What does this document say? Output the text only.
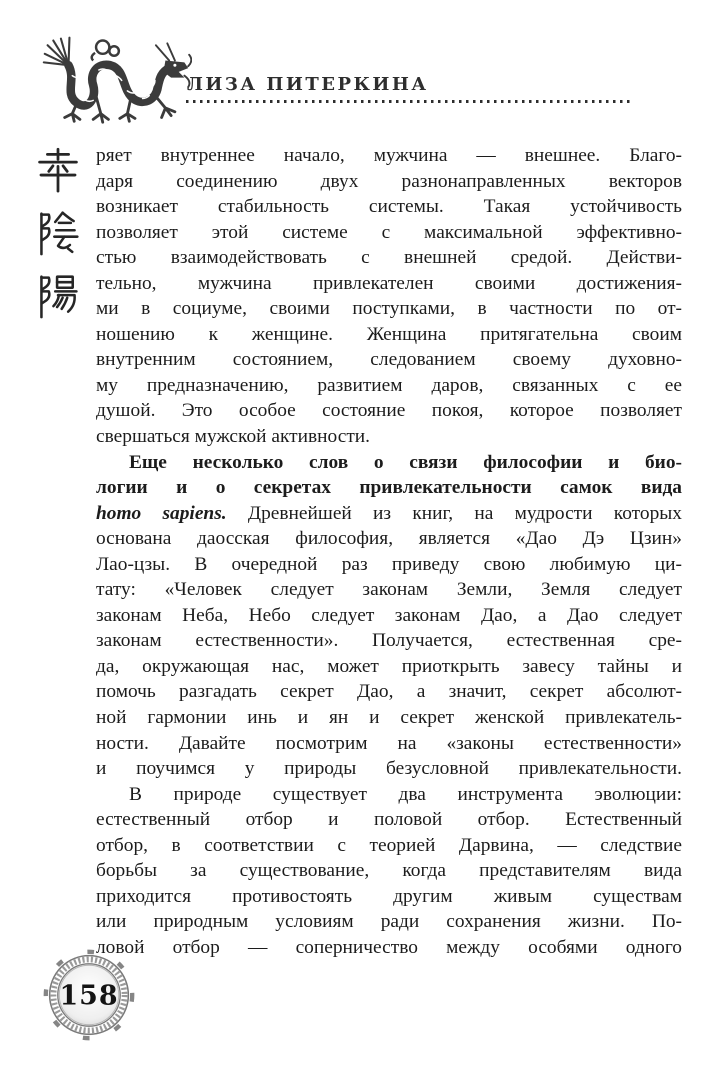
ЛИЗА ПИТЕРКИНА
ряет внутреннее начало, мужчина — внешнее. Благо-
даря соединению двух разнонаправленных векторов
возникает стабильность системы. Такая устойчивость
позволяет этой системе с максимальной эффективно-
стью взаимодействовать с внешней средой. Действи-
тельно, мужчина привлекателен своими достижения-
ми в социуме, своими поступками, в частности по от-
ношению к женщине. Женщина притягательна своим
внутренним состоянием, следованием своему духовно-
му предназначению, развитием даров, связанных с ее
душой. Это особое состояние покоя, которое позволяет
свершаться мужской активности.
Еще несколько слов о связи философии и био-
логии и о секретах привлекательности самок вида
homo sapiens. Древнейшей из книг, на мудрости которых
основана даосская философия, является «Дао Дэ Цзин»
Лао-цзы. В очередной раз приведу свою любимую ци-
тату: «Человек следует законам Земли, Земля следует
законам Неба, Небо следует законам Дао, а Дао следует
законам естественности». Получается, естественная сре-
да, окружающая нас, может приоткрыть завесу тайны и
помочь разгадать секрет Дао, а значит, секрет абсолют-
ной гармонии инь и ян и секрет женской привлекатель-
ности. Давайте посмотрим на «законы естественности»
и поучимся у природы безусловной привлекательности.
В природе существует два инструмента эволюции:
естественный отбор и половой отбор. Естественный
отбор, в соответствии с теорией Дарвина, — следствие
борьбы за существование, когда представителям вида
приходится противостоять другим живым существам
или природным условиям ради сохранения жизни. По-
ловой отбор — соперничество между особями одного
158
